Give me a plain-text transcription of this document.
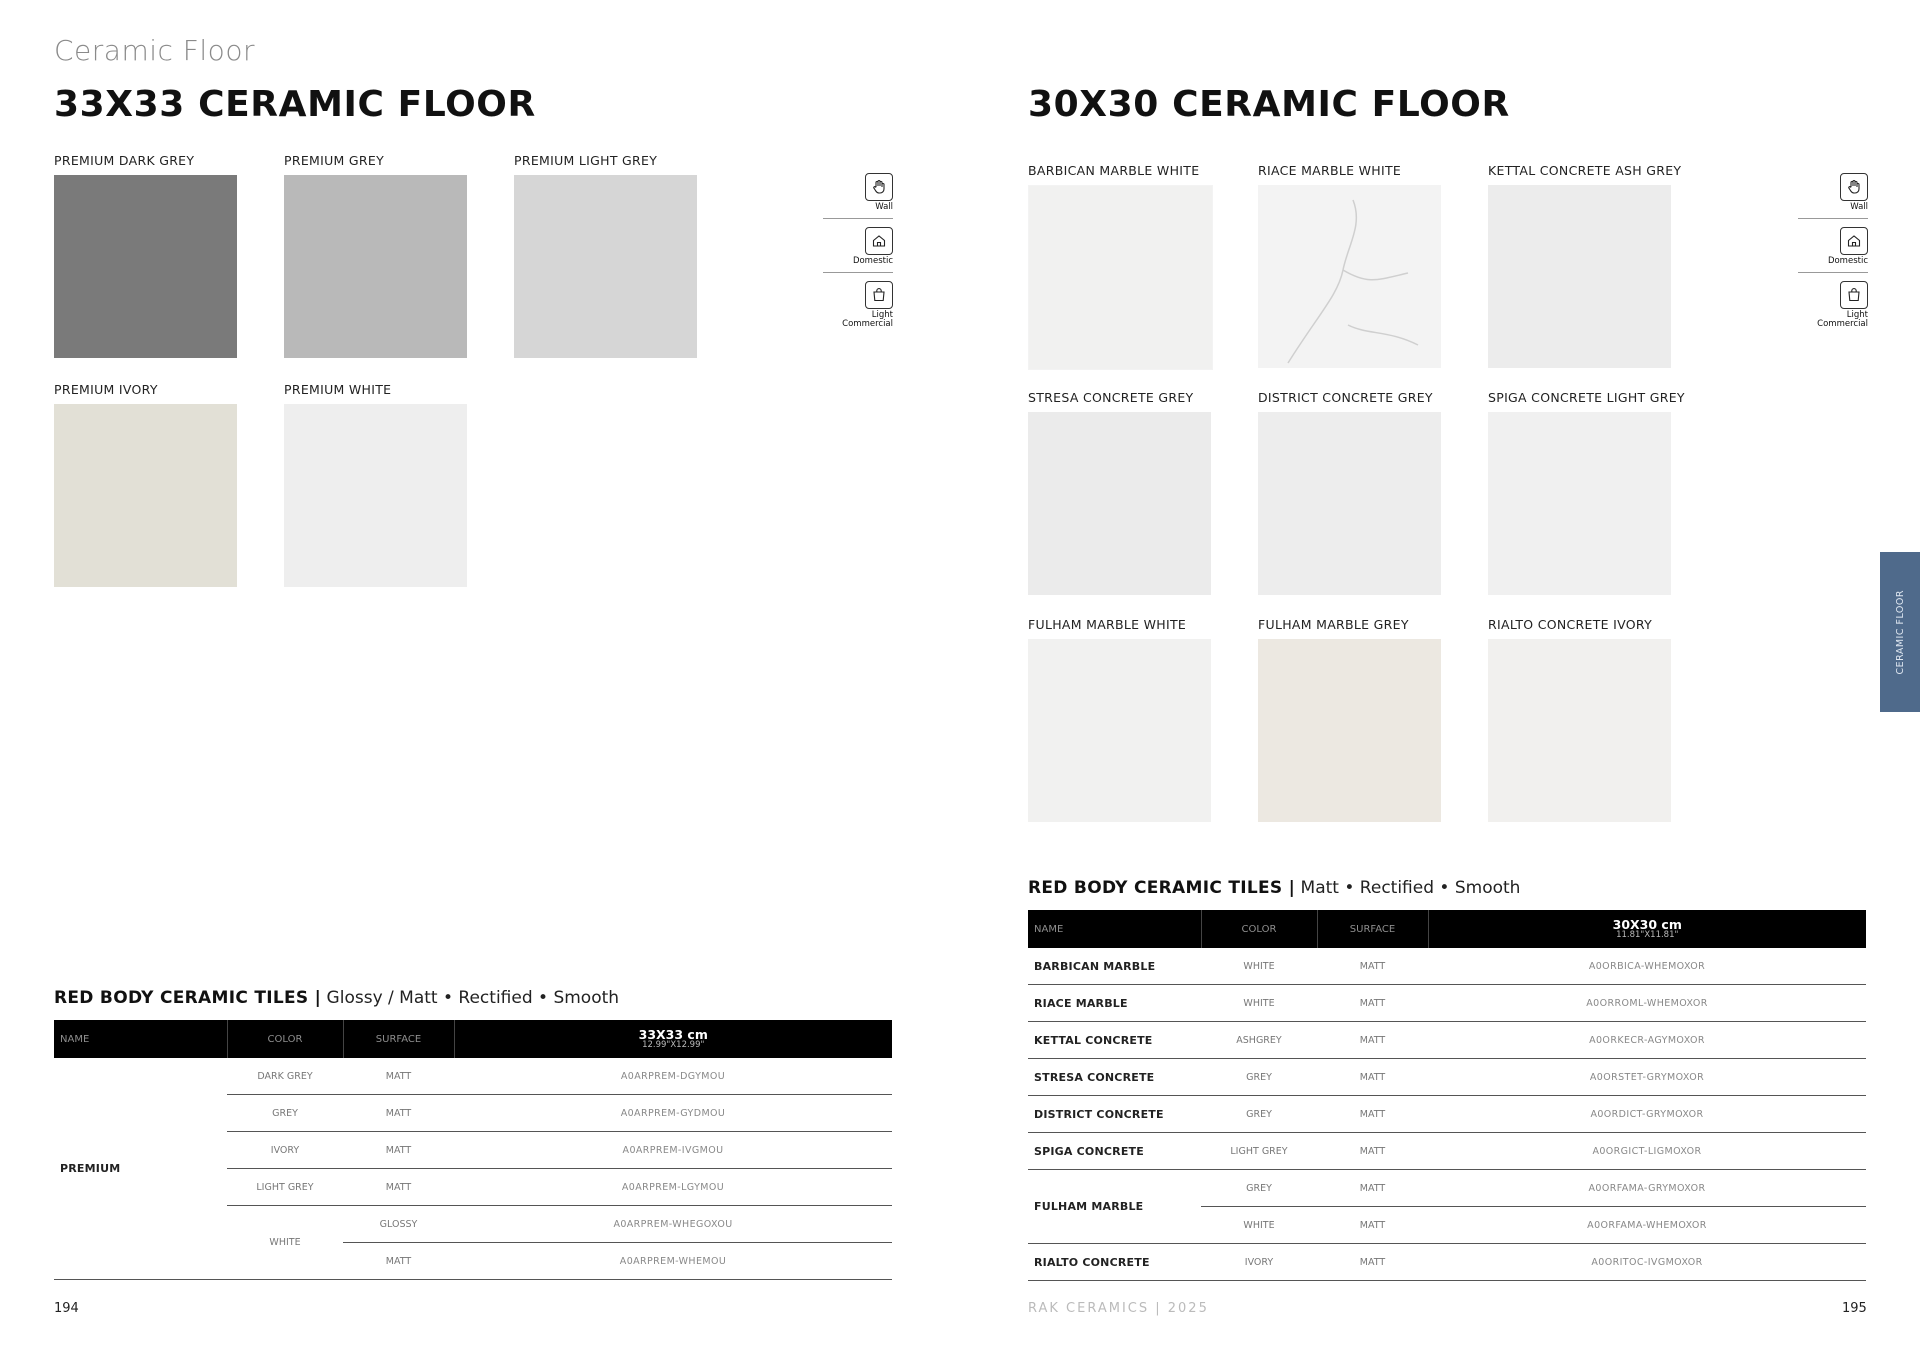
Ceramic Floor
33X33 CERAMIC FLOOR
PREMIUM DARK GREY	PREMIUM GREY	PREMIUM LIGHT GREY
PREMIUM IVORY	PREMIUM WHITE
Wall
Domestic
Light
Commercial
RED BODY CERAMIC TILES | Glossy / Matt • Rectified • Smooth
NAME	COLOR	SURFACE	33X33 cm
12.99"X12.99"

PREMIUM	DARK GREY	MATT	A0ARPREM-DGYMOU
	GREY	MATT	A0ARPREM-GYDMOU
	IVORY	MATT	A0ARPREM-IVGMOU
	LIGHT GREY	MATT	A0ARPREM-LGYMOU
	WHITE	GLOSSY	A0ARPREM-WHEGOXOU
		MATT	A0ARPREM-WHEMOU
194
30X30 CERAMIC FLOOR
BARBICAN MARBLE WHITE	RIACE MARBLE WHITE	KETTAL CONCRETE ASH GREY
STRESA CONCRETE GREY	DISTRICT CONCRETE GREY	SPIGA CONCRETE LIGHT GREY
FULHAM MARBLE WHITE	FULHAM MARBLE GREY	RIALTO CONCRETE IVORY
Wall
Domestic
Light
Commercial
RED BODY CERAMIC TILES | Matt • Rectified • Smooth
NAME	COLOR	SURFACE	30X30 cm
11.81"X11.81"

BARBICAN MARBLE	WHITE	MATT	A0ORBICA-WHEMOXOR
RIACE MARBLE	WHITE	MATT	A0ORROML-WHEMOXOR
KETTAL CONCRETE	ASHGREY	MATT	A0ORKECR-AGYMOXOR
STRESA CONCRETE	GREY	MATT	A0ORSTET-GRYMOXOR
DISTRICT CONCRETE	GREY	MATT	A0ORDICT-GRYMOXOR
SPIGA CONCRETE	LIGHT GREY	MATT	A0ORGICT-LIGMOXOR
FULHAM MARBLE	GREY	MATT	A0ORFAMA-GRYMOXOR
	WHITE	MATT	A0ORFAMA-WHEMOXOR
RIALTO CONCRETE	IVORY	MATT	A0ORITOC-IVGMOXOR
RAK CERAMICS | 2025	195
CERAMIC FLOOR
